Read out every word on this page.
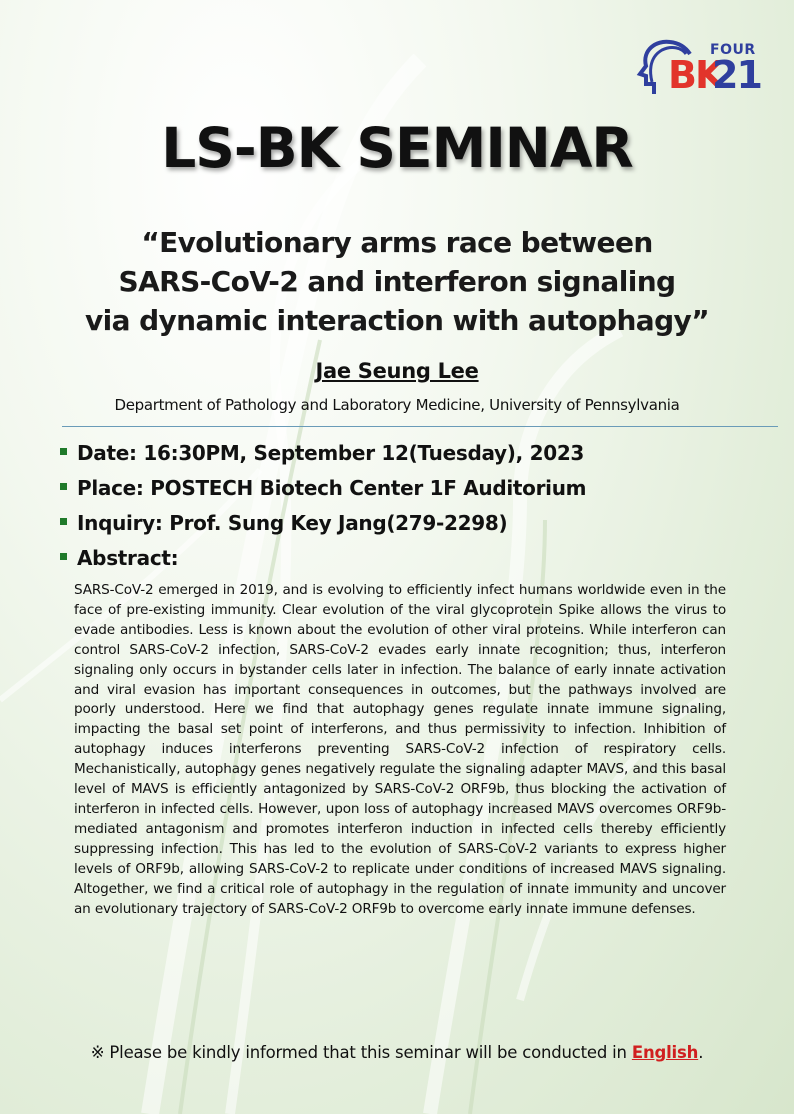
FOUR
BK
21
LS-BK SEMINAR
“Evolutionary arms race between
SARS-CoV-2 and interferon signaling
via dynamic interaction with autophagy”
Jae Seung Lee
Department of Pathology and Laboratory Medicine, University of Pennsylvania
Date: 16:30PM, September 12(Tuesday), 2023
Place: POSTECH Biotech Center 1F Auditorium
Inquiry: Prof. Sung Key Jang(279-2298)
Abstract:
SARS-CoV-2 emerged in 2019, and is evolving to efficiently infect humans worldwide even in the face of pre-existing immunity. Clear evolution of the viral glycoprotein Spike allows the virus to evade antibodies. Less is known about the evolution of other viral proteins. While interferon can control SARS-CoV-2 infection, SARS-CoV-2 evades early innate recognition; thus, interferon signaling only occurs in bystander cells later in infection. The balance of early innate activation and viral evasion has important consequences in outcomes, but the pathways involved are poorly understood. Here we find that autophagy genes regulate innate immune signaling, impacting the basal set point of interferons, and thus permissivity to infection. Inhibition of autophagy induces interferons preventing SARS-CoV-2 infection of respiratory cells. Mechanistically, autophagy genes negatively regulate the signaling adapter MAVS, and this basal level of MAVS is efficiently antagonized by SARS-CoV-2 ORF9b, thus blocking the activation of interferon in infected cells. However, upon loss of autophagy increased MAVS overcomes ORF9b-mediated antagonism and promotes interferon induction in infected cells thereby efficiently suppressing infection. This has led to the evolution of SARS-CoV-2 variants to express higher levels of ORF9b, allowing SARS-CoV-2 to replicate under conditions of increased MAVS signaling. Altogether, we find a critical role of autophagy in the regulation of innate immunity and uncover an evolutionary trajectory of SARS-CoV-2 ORF9b to overcome early innate immune defenses.
※ Please be kindly informed that this seminar will be conducted in English.
